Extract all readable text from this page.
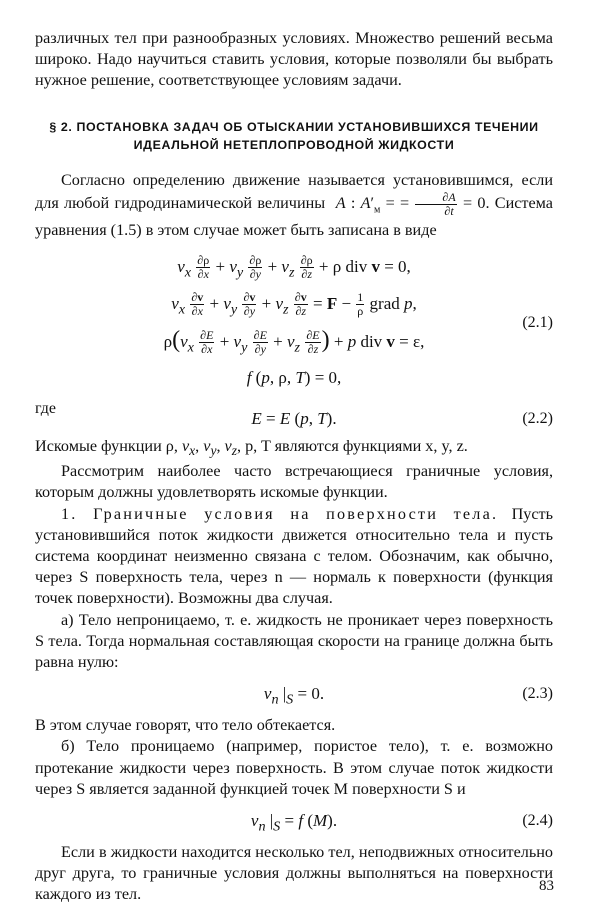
различных тел при разнообразных условиях. Множество решений весьма широко. Надо научиться ставить условия, которые позволяли бы выбрать нужное решение, соответствующее условиям задачи.

§ 2. ПОСТАНОВКА ЗАДАЧ ОБ ОТЫСКАНИИ УСТАНОВИВШИХСЯ ТЕЧЕНИИ ИДЕАЛЬНОЙ НЕТЕПЛОПРОВОДНОЙ ЖИДКОСТИ

Согласно определению движение называется установившимся, если для любой гидродинамической величины A : $A'_м$ = = $\frac{\partial A}{\partial t} = 0$. Система уравнения (1.5) в этом случае может быть записана в виде

$v_x \frac{\partial\rho}{\partial x} + v_y \frac{\partial\rho}{\partial y} + v_z \frac{\partial\rho}{\partial z} + \rho$ div v = 0,
$v_x \frac{\partial v}{\partial x} + v_y \frac{\partial v}{\partial y} + v_z \frac{\partial v}{\partial z} = F - \frac{1}{\rho}$ grad p,
$\rho(v_x \frac{\partial E}{\partial x} + v_y \frac{\partial E}{\partial y} + v_z \frac{\partial E}{\partial z}$ ) + p div v = ε,
(2.1)
f (p, ρ, T) = 0,
где
E = E (p, T).	(2.2)

Искомые функции ρ, $v_x$, $v_y$, $v_z$, p, T являются функциями x, y, z.

Рассмотрим наиболее часто встречающиеся граничные условия, которым должны удовлетворять искомые функции.

1. Граничные условия на поверхности тела. Пусть установившийся поток жидкости движется относительно тела и пусть система координат неизменно связана с телом. Обозначим, как обычно, через S поверхность тела, через n — нормаль к поверхности (функция точек поверхности). Возможны два случая.

а) Тело непроницаемо, т. е. жидкость не проникает через поверхность S тела. Тогда нормальная составляющая скорости на границе должна быть равна нулю:

$v_n$ $|_S = 0$.	(2.3)

В этом случае говорят, что тело обтекается.

б) Тело проницаемо (например, пористое тело), т. е. возможно протекание жидкости через поверхность. В этом случае поток жидкости через S является заданной функцией точек M поверхности S и

$v_n$ $|_S = f$ (M).	(2.4)

Если в жидкости находится несколько тел, неподвижных относительно друг друга, то граничные условия должны выполняться на поверхности каждого из тел.	83
